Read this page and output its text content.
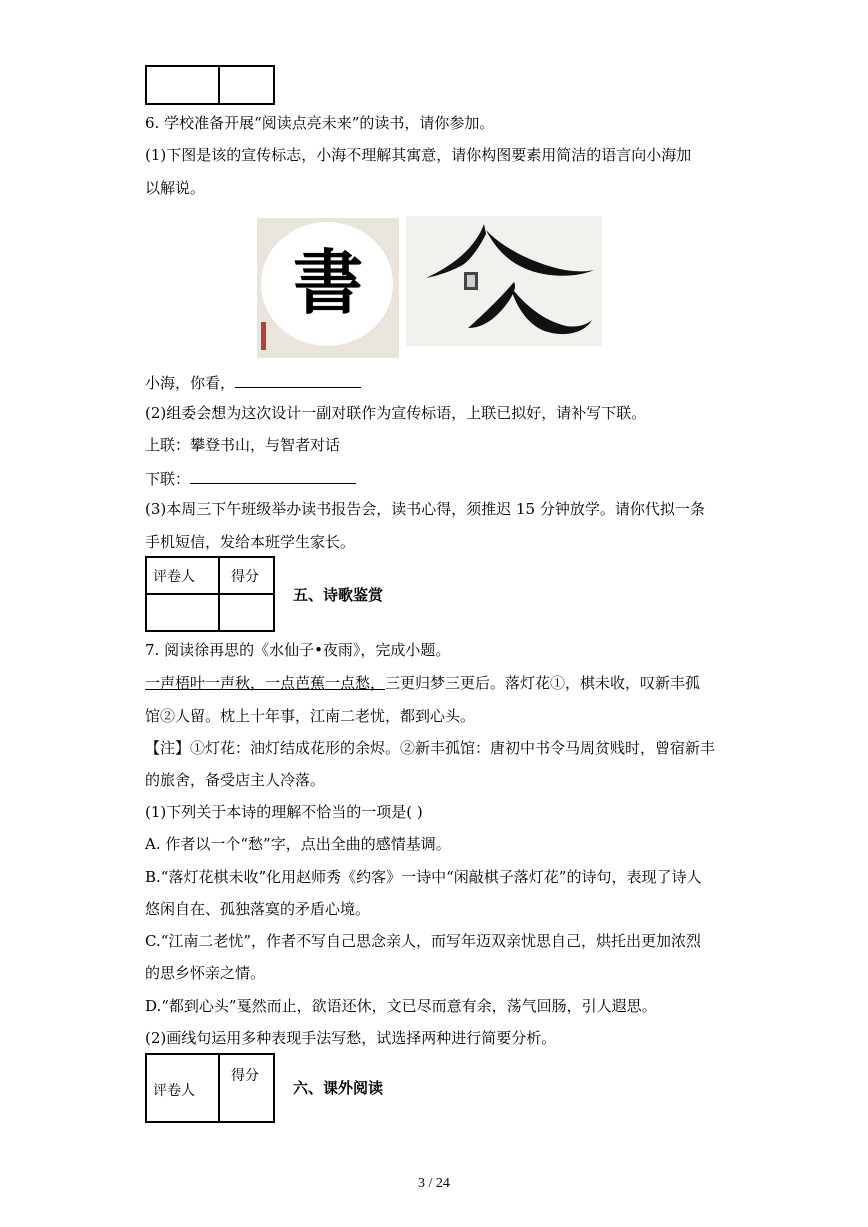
6. 学校准备开展“阅读点亮未来”的读书，请你参加。
(1)下图是该的宣传标志，小海不理解其寓意，请你构图要素用简洁的语言向小海加
以解说。
書
小海，你看，
(2)组委会想为这次设计一副对联作为宣传标语，上联已拟好，请补写下联。
上联：攀登书山，与智者对话
下联：
(3)本周三下午班级举办读书报告会，读书心得，须推迟 15 分钟放学。请你代拟一条
手机短信，发给本班学生家长。
评卷人	得分
五、诗歌鉴赏
7. 阅读徐再思的《水仙子•夜雨》，完成小题。
一声梧叶一声秋，一点芭蕉一点愁，三更归梦三更后。落灯花①，棋未收，叹新丰孤
馆②人留。枕上十年事，江南二老忧，都到心头。
【注】①灯花：油灯结成花形的余烬。②新丰孤馆：唐初中书令马周贫贱时，曾宿新丰
的旅舍，备受店主人冷落。
(1)下列关于本诗的理解不恰当的一项是( )
A. 作者以一个“愁”字，点出全曲的感情基调。
B.“落灯花棋未收”化用赵师秀《约客》一诗中“闲敲棋子落灯花”的诗句，表现了诗人
悠闲自在、孤独落寞的矛盾心境。
C.“江南二老忧”，作者不写自己思念亲人，而写年迈双亲忧思自己，烘托出更加浓烈
的思乡怀亲之情。
D.“都到心头”戛然而止，欲语还休，文已尽而意有余，荡气回肠，引人遐思。
(2)画线句运用多种表现手法写愁，试选择两种进行简要分析。
评卷人
得分
六、课外阅读
3 / 24
